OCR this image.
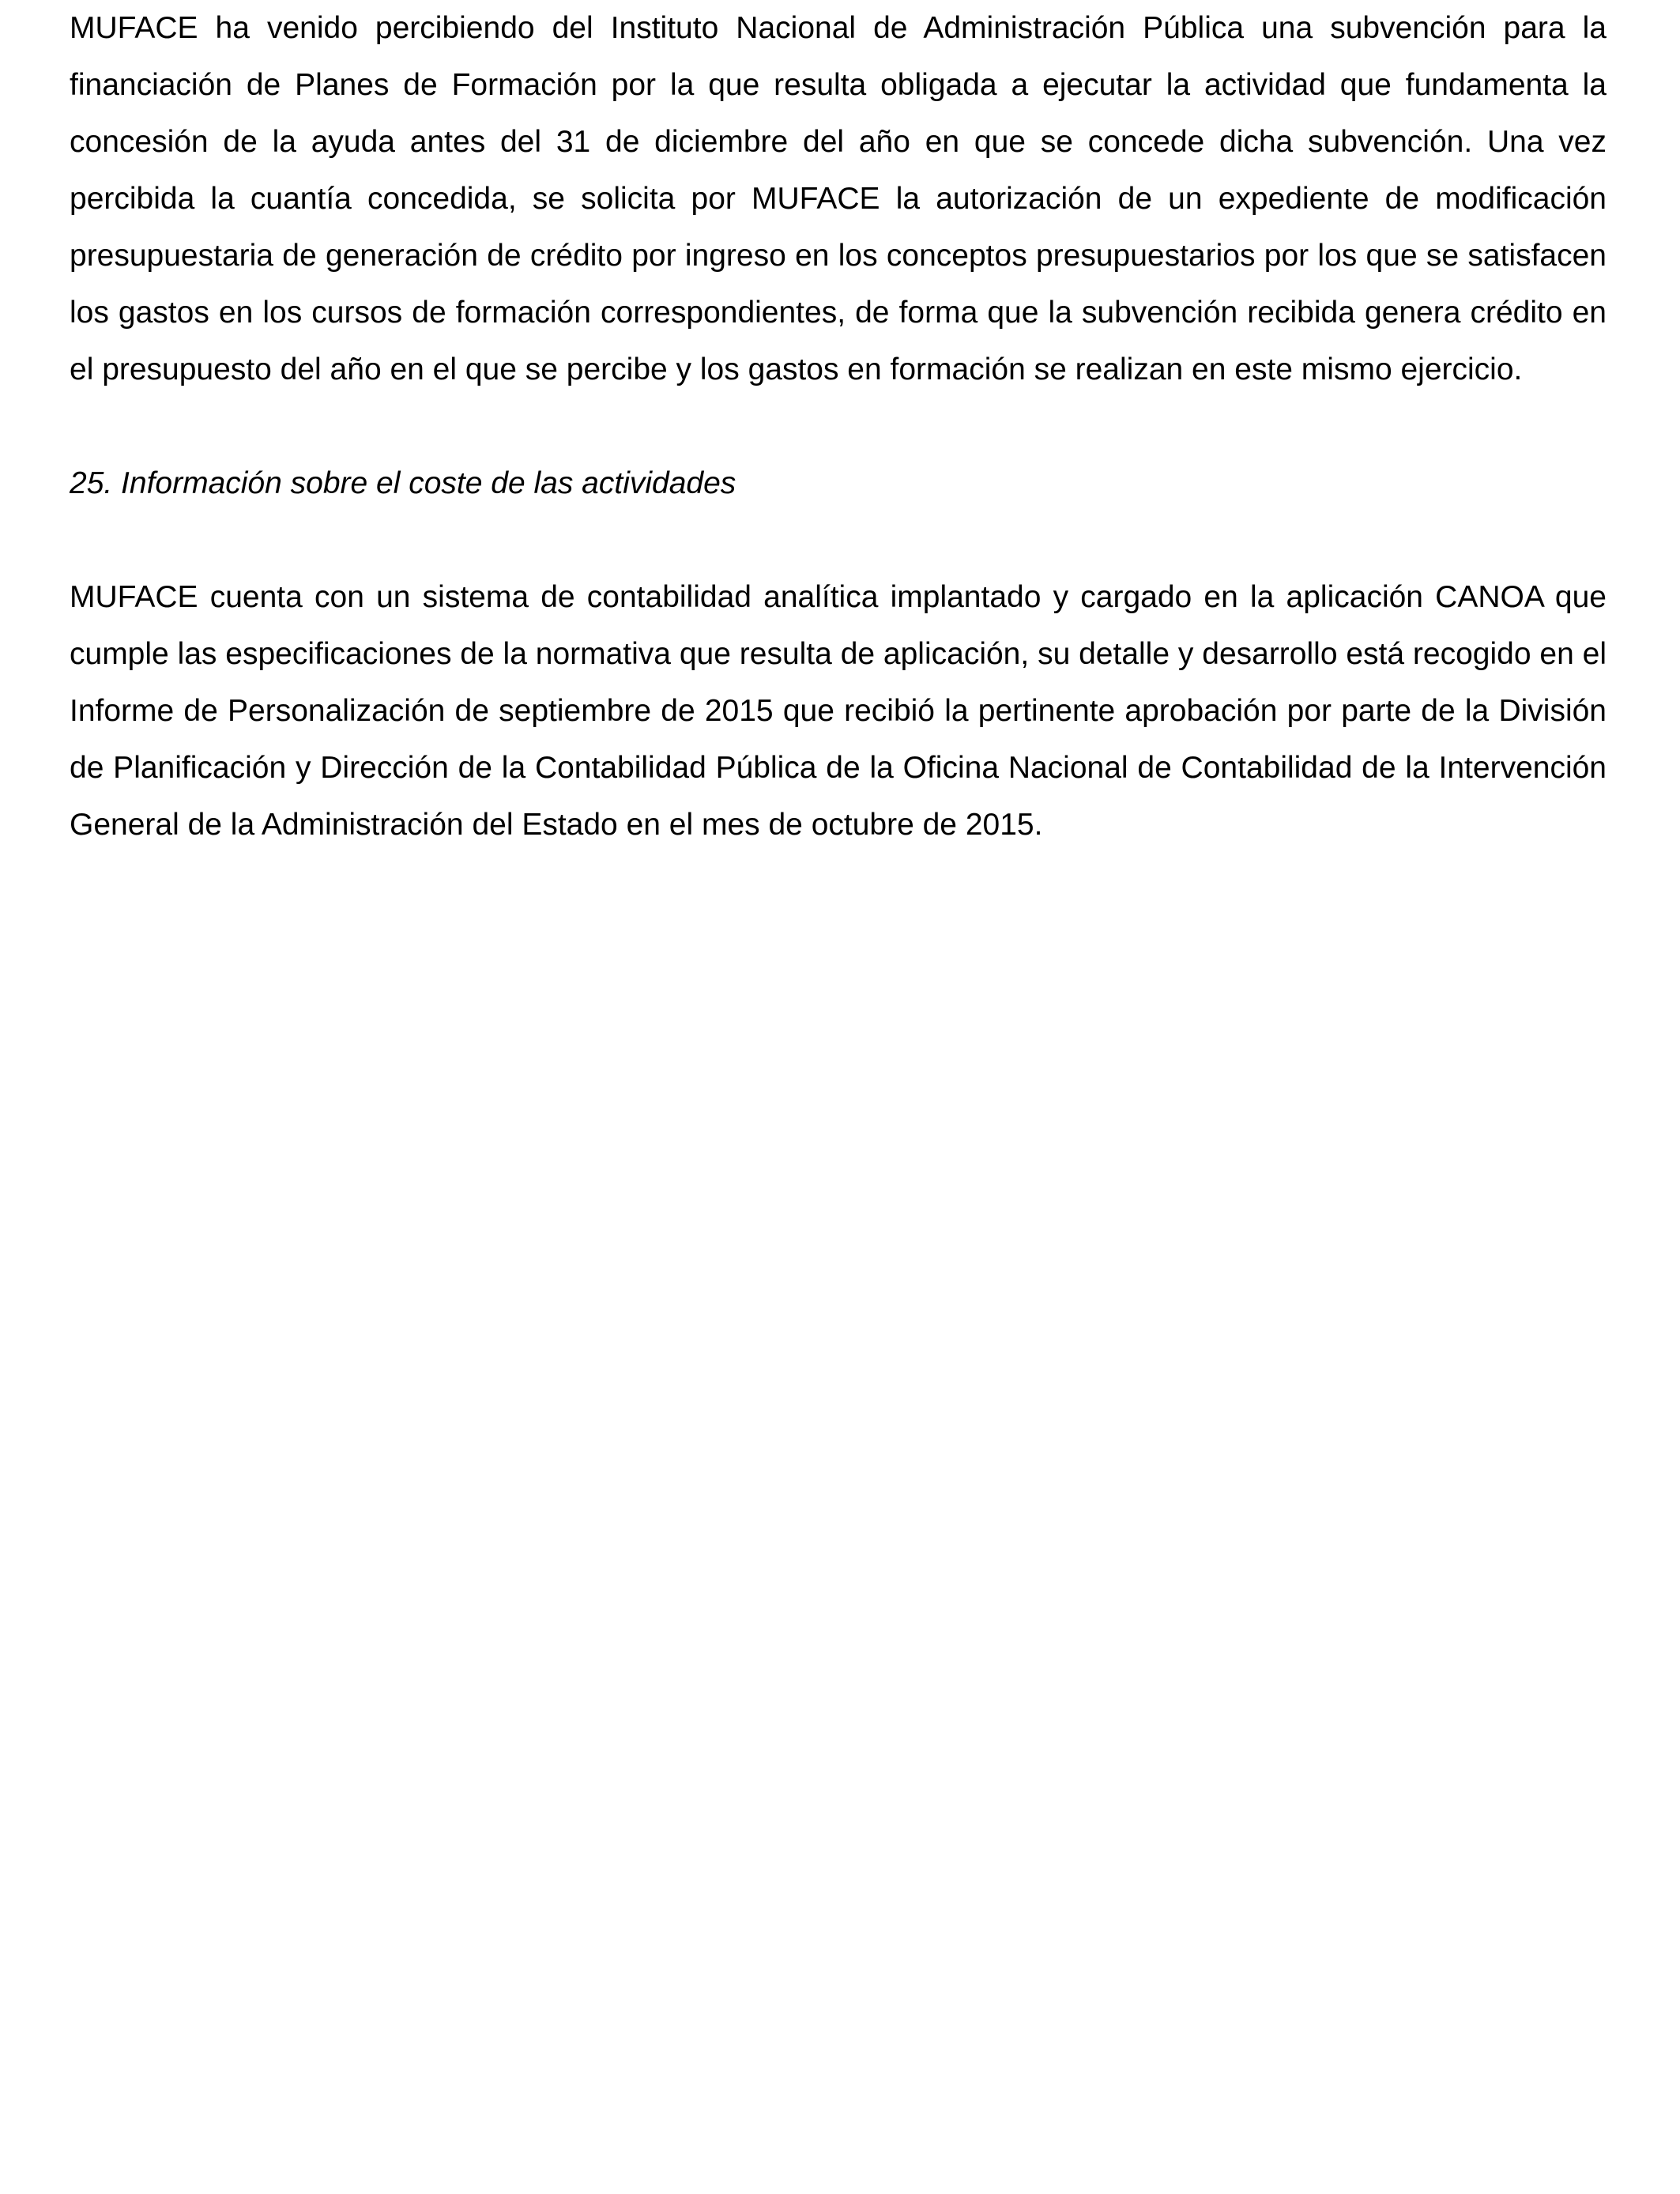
MUFACE ha venido percibiendo del Instituto Nacional de Administración Pública una subvención para la financiación de Planes de Formación por la que resulta obligada a ejecutar la actividad que fundamenta la concesión de la ayuda antes del 31 de diciembre del año en que se concede dicha subvención. Una vez percibida la cuantía concedida, se solicita por MUFACE la autorización de un expediente de modificación presupuestaria de generación de crédito por ingreso en los conceptos presupuestarios por los que se satisfacen los gastos en los cursos de formación correspondientes, de forma que la subvención recibida genera crédito en el presupuesto del año en el que se percibe y los gastos en formación se realizan en este mismo ejercicio.

25. Información sobre el coste de las actividades

MUFACE cuenta con un sistema de contabilidad analítica implantado y cargado en la aplicación CANOA que cumple las especificaciones de la normativa que resulta de aplicación, su detalle y desarrollo está recogido en el Informe de Personalización de septiembre de 2015 que recibió la pertinente aprobación por parte de la División de Planificación y Dirección de la Contabilidad Pública de la Oficina Nacional de Contabilidad de la Intervención General de la Administración del Estado en el mes de octubre de 2015.
